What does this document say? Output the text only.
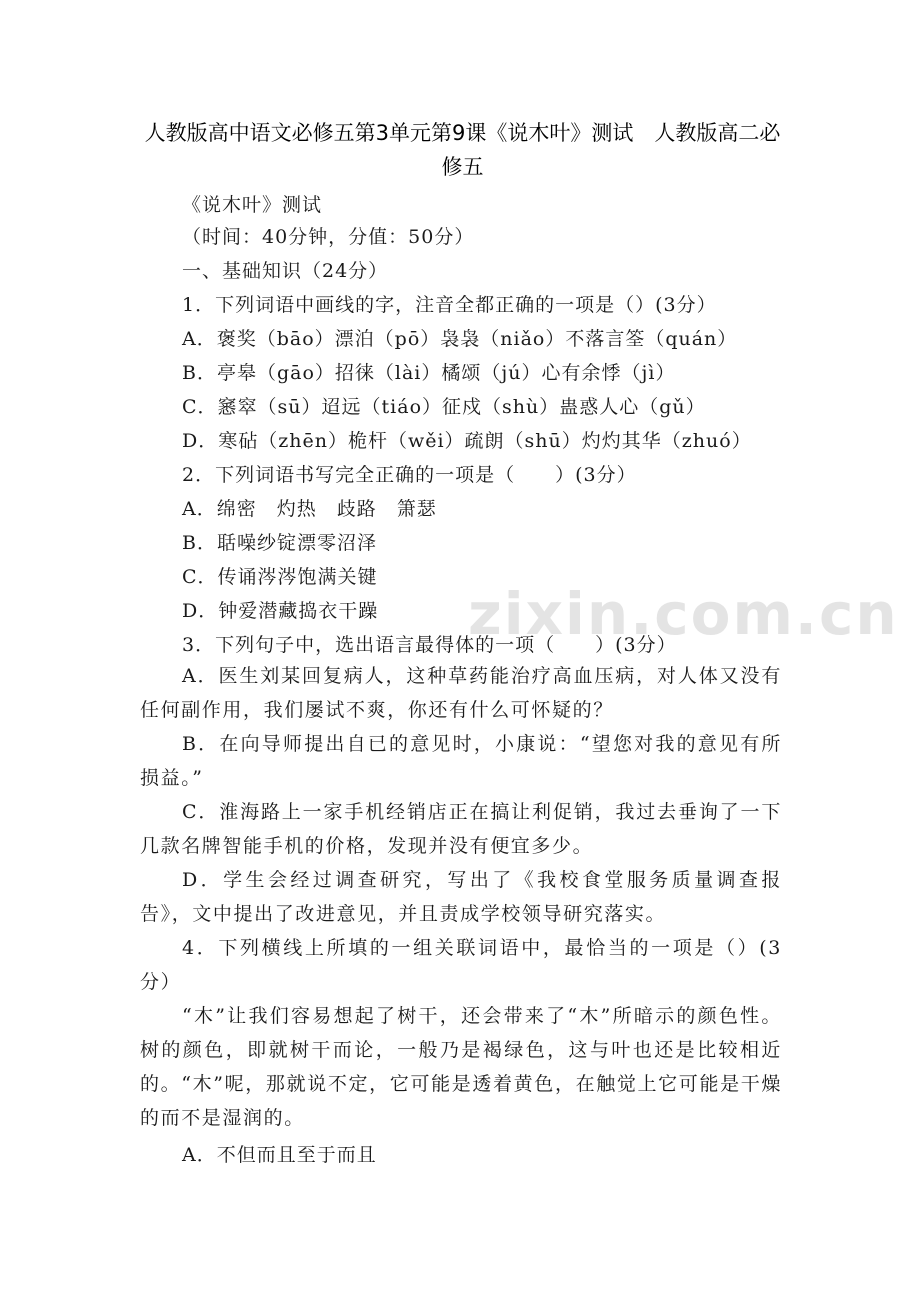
zixin.com.cn
人教版高中语文必修五第3单元第9课《说木叶》测试　人教版高二必修五
《说木叶》测试
（时间：40分钟，分值：50分）
一、基础知识（24分）
1．下列词语中画线的字，注音全都正确的一项是（）(3分）
A．褒奖（bāo）漂泊（pō）袅袅（niǎo）不落言筌（quán）
B．亭皋（gāo）招徕（lài）橘颂（jú）心有余悸（jì）
C．窸窣（sū）迢远（tiáo）征戍（shù）蛊惑人心（gǔ）
D．寒砧（zhēn）桅杆（wěi）疏朗（shū）灼灼其华（zhuó）
2．下列词语书写完全正确的一项是（　　）(3分）
A．绵密　灼热　歧路　箫瑟
B．聒噪纱锭漂零沼泽
C．传诵涔涔饱满关键
D．钟爱潜藏捣衣干躁
3．下列句子中，选出语言最得体的一项（　　）(3分）
A．医生刘某回复病人，这种草药能治疗高血压病，对人体又没有任何副作用，我们屡试不爽，你还有什么可怀疑的？
B．在向导师提出自已的意见时，小康说：“望您对我的意见有所损益。”
C．淮海路上一家手机经销店正在搞让利促销，我过去垂询了一下几款名牌智能手机的价格，发现并没有便宜多少。
D．学生会经过调查研究，写出了《我校食堂服务质量调查报告》，文中提出了改进意见，并且责成学校领导研究落实。
4．下列横线上所填的一组关联词语中，最恰当的一项是（）(3分）
“木”让我们容易想起了树干，还会带来了“木”所暗示的颜色性。树的颜色，即就树干而论，一般乃是褐绿色，这与叶也还是比较相近的。“木”呢，那就说不定，它可能是透着黄色，在触觉上它可能是干燥的而不是湿润的。
A．不但而且至于而且
